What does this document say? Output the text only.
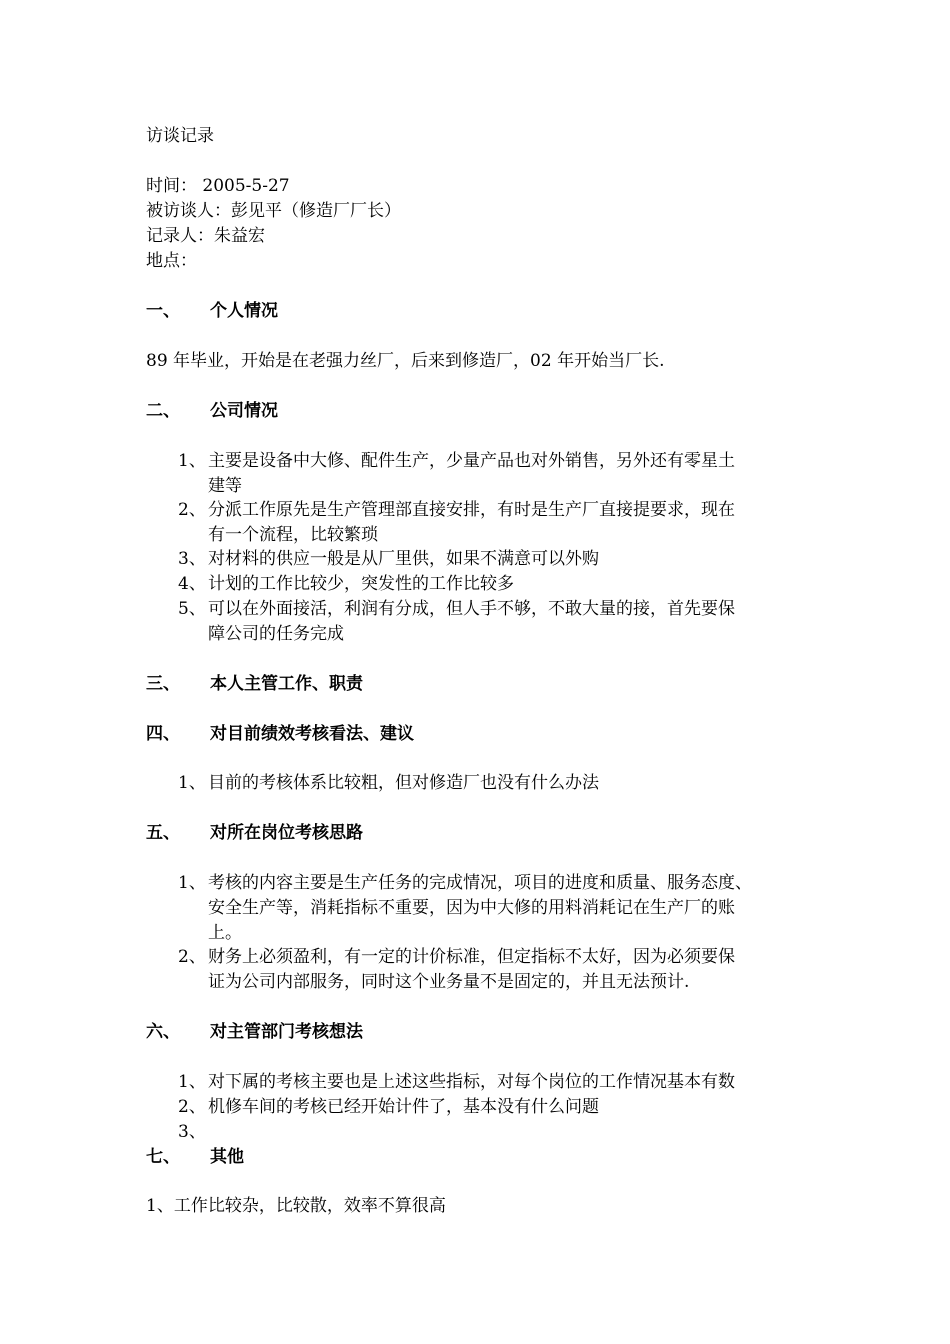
访谈记录
时间： 2005-5-27
被访谈人：彭见平（修造厂厂长）
记录人：朱益宏
地点：
一、 个人情况
89 年毕业，开始是在老强力丝厂，后来到修造厂，02 年开始当厂长.
二、 公司情况
1、 主要是设备中大修、配件生产，少量产品也对外销售，另外还有零星土
建等
2、 分派工作原先是生产管理部直接安排，有时是生产厂直接提要求，现在
有一个流程，比较繁琐
3、 对材料的供应一般是从厂里供，如果不满意可以外购
4、 计划的工作比较少，突发性的工作比较多
5、 可以在外面接活，利润有分成，但人手不够，不敢大量的接，首先要保
障公司的任务完成
三、 本人主管工作、职责
四、 对目前绩效考核看法、建议
1、 目前的考核体系比较粗，但对修造厂也没有什么办法
五、 对所在岗位考核思路
1、 考核的内容主要是生产任务的完成情况，项目的进度和质量、服务态度、
安全生产等，消耗指标不重要，因为中大修的用料消耗记在生产厂的账
上。
2、 财务上必须盈利，有一定的计价标准，但定指标不太好，因为必须要保
证为公司内部服务，同时这个业务量不是固定的，并且无法预计.
六、 对主管部门考核想法
1、 对下属的考核主要也是上述这些指标，对每个岗位的工作情况基本有数
2、 机修车间的考核已经开始计件了，基本没有什么问题
3、

七、 其他
1、工作比较杂，比较散，效率不算很高
